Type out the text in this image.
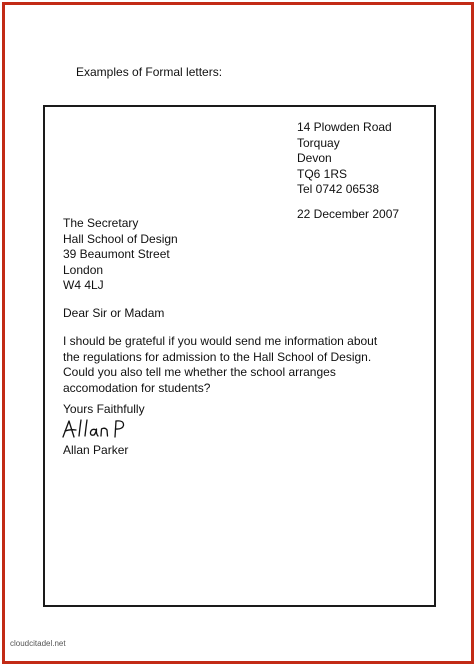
Examples of Formal letters:
14 Plowden Road
Torquay
Devon
TQ6 1RS
Tel 0742 06538
22 December 2007
The Secretary
Hall School of Design
39 Beaumont Street
London
W4 4LJ
Dear Sir or Madam
I should be grateful if you would send me information about
the regulations for admission to the Hall School of Design.
Could you also tell me whether the school arranges
accomodation for students?
Yours Faithfully
Allan Parker
cloudcitadel.net
